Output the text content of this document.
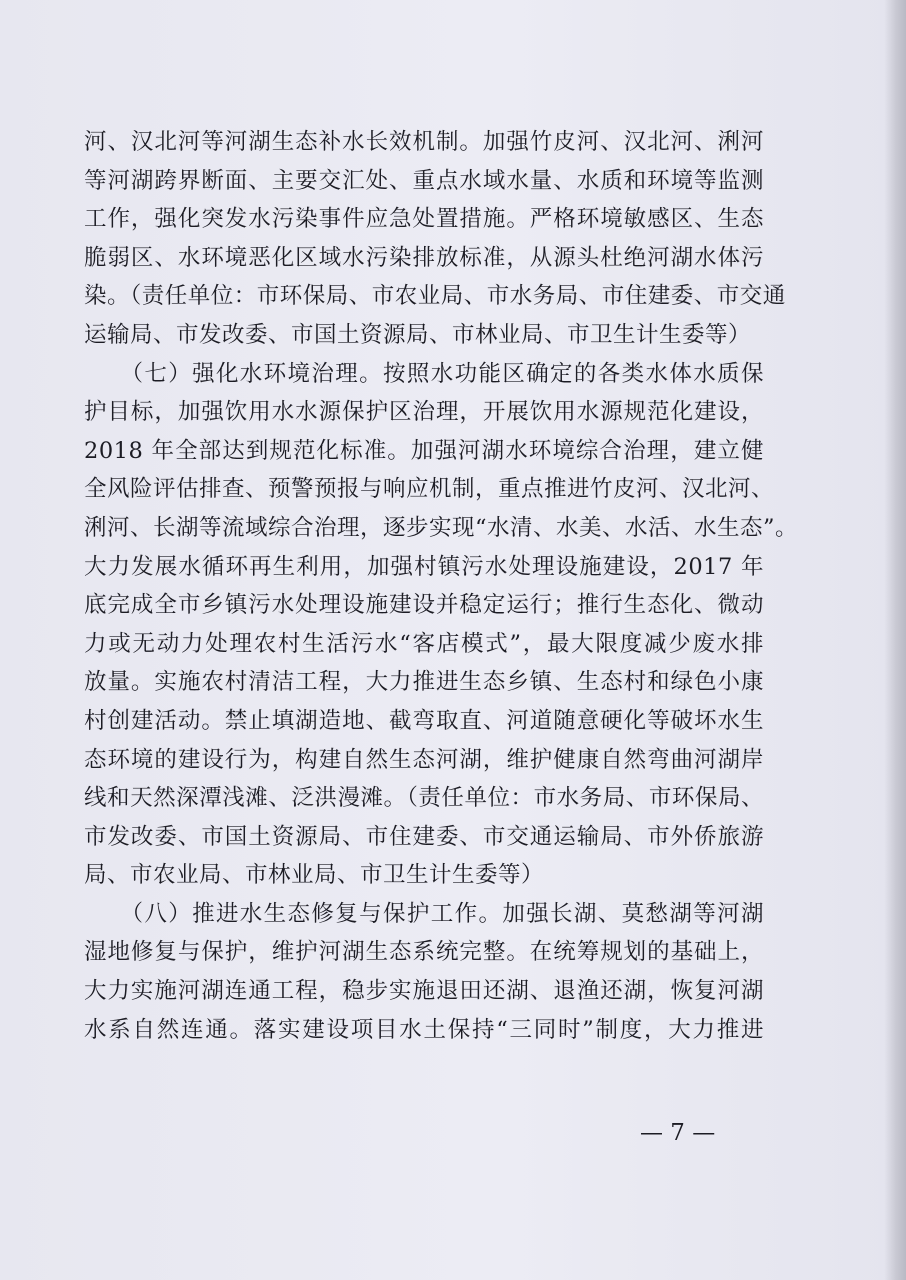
河、汉北河等河湖生态补水长效机制。加强竹皮河、汉北河、浰河
等河湖跨界断面、主要交汇处、重点水域水量、水质和环境等监测
工作，强化突发水污染事件应急处置措施。严格环境敏感区、生态
脆弱区、水环境恶化区域水污染排放标准，从源头杜绝河湖水体污
染。（责任单位：市环保局、市农业局、市水务局、市住建委、市交通
运输局、市发改委、市国土资源局、市林业局、市卫生计生委等）
　　（七）强化水环境治理。按照水功能区确定的各类水体水质保
护目标，加强饮用水水源保护区治理，开展饮用水源规范化建设，
2018 年全部达到规范化标准。加强河湖水环境综合治理，建立健
全风险评估排查、预警预报与响应机制，重点推进竹皮河、汉北河、
浰河、长湖等流域综合治理，逐步实现“水清、水美、水活、水生态”。
大力发展水循环再生利用，加强村镇污水处理设施建设，2017 年
底完成全市乡镇污水处理设施建设并稳定运行；推行生态化、微动
力或无动力处理农村生活污水“客店模式”，最大限度减少废水排
放量。实施农村清洁工程，大力推进生态乡镇、生态村和绿色小康
村创建活动。禁止填湖造地、截弯取直、河道随意硬化等破坏水生
态环境的建设行为，构建自然生态河湖，维护健康自然弯曲河湖岸
线和天然深潭浅滩、泛洪漫滩。（责任单位：市水务局、市环保局、
市发改委、市国土资源局、市住建委、市交通运输局、市外侨旅游
局、市农业局、市林业局、市卫生计生委等）
　　（八）推进水生态修复与保护工作。加强长湖、莫愁湖等河湖
湿地修复与保护，维护河湖生态系统完整。在统筹规划的基础上，
大力实施河湖连通工程，稳步实施退田还湖、退渔还湖，恢复河湖
水系自然连通。落实建设项目水土保持“三同时”制度，大力推进
— 7 —
